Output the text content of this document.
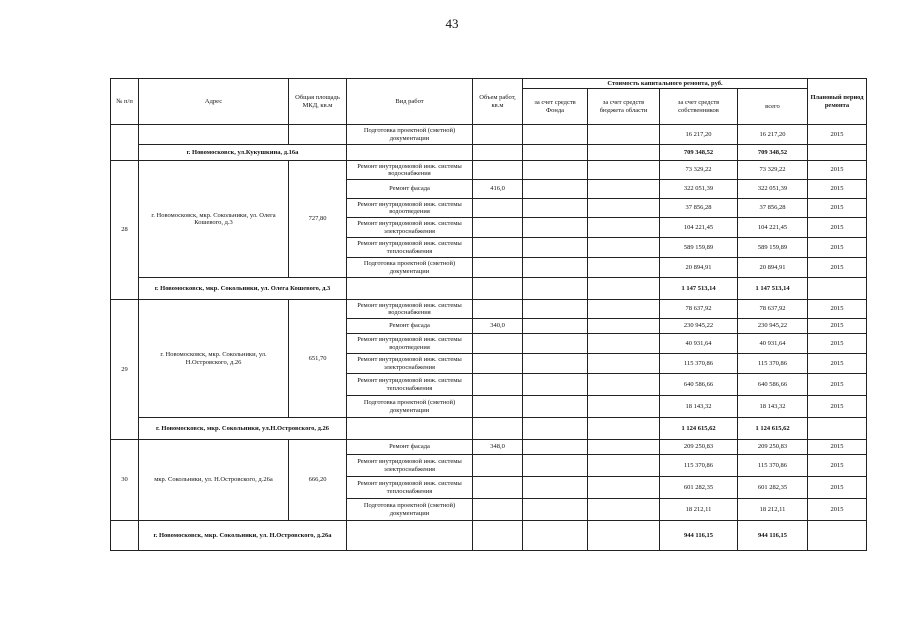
43
№ п/п	Адрес	Общая площадь МКД, кв.м	Вид работ	Объем работ, кв.м	Стоимость капитального ремонта, руб.				Плановый период ремонта
					за счет средств Фонда	за счет средств бюджета области	за счет средств собственников	всего	
			Подготовка проектной (сметной) документации				16 217,20	16 217,20	2015
	г. Новомосковск, ул.Кукушкина, д.16а						709 348,52	709 348,52	
28	г. Новомосковск, мкр. Сокольники, ул. Олега Кошевого, д.3	727,80	Ремонт внутридомовой инж. системы водоснабжения				73 329,22	73 329,22	2015
			Ремонт фасада	416,0			322 051,39	322 051,39	2015
			Ремонт внутридомовой инж. системы водоотведения				37 856,28	37 856,28	2015
			Ремонт внутридомовой инж. системы электроснабжения				104 221,45	104 221,45	2015
			Ремонт внутридомовой инж. системы теплоснабжения				589 159,89	589 159,89	2015
			Подготовка проектной (сметной) документации				20 894,91	20 894,91	2015
	г. Новомосковск, мкр. Сокольники, ул. Олега Кошевого, д.3						1 147 513,14	1 147 513,14	
29	г. Новомосковск, мкр. Сокольники, ул. Н.Островского, д.26	651,70	Ремонт внутридомовой инж. системы водоснабжения				78 637,92	78 637,92	2015
			Ремонт фасада	340,0			230 945,22	230 945,22	2015
			Ремонт внутридомовой инж. системы водоотведения				40 931,64	40 931,64	2015
			Ремонт внутридомовой инж. системы электроснабжения				115 370,86	115 370,86	2015
			Ремонт внутридомовой инж. системы теплоснабжения				640 586,66	640 586,66	2015
			Подготовка проектной (сметной) документации				18 143,32	18 143,32	2015
	г. Новомосковск, мкр. Сокольники, ул.Н.Островского, д.26						1 124 615,62	1 124 615,62	
30	мкр. Сокольники, ул. Н.Островского, д.26а	666,20	Ремонт фасада	348,0			209 250,83	209 250,83	2015
			Ремонт внутридомовой инж. системы электроснабжения				115 370,86	115 370,86	2015
			Ремонт внутридомовой инж. системы теплоснабжения				601 282,35	601 282,35	2015
			Подготовка проектной (сметной) документации				18 212,11	18 212,11	2015
	г. Новомосковск, мкр. Сокольники, ул. Н.Островского, д.26а						944 116,15	944 116,15	
